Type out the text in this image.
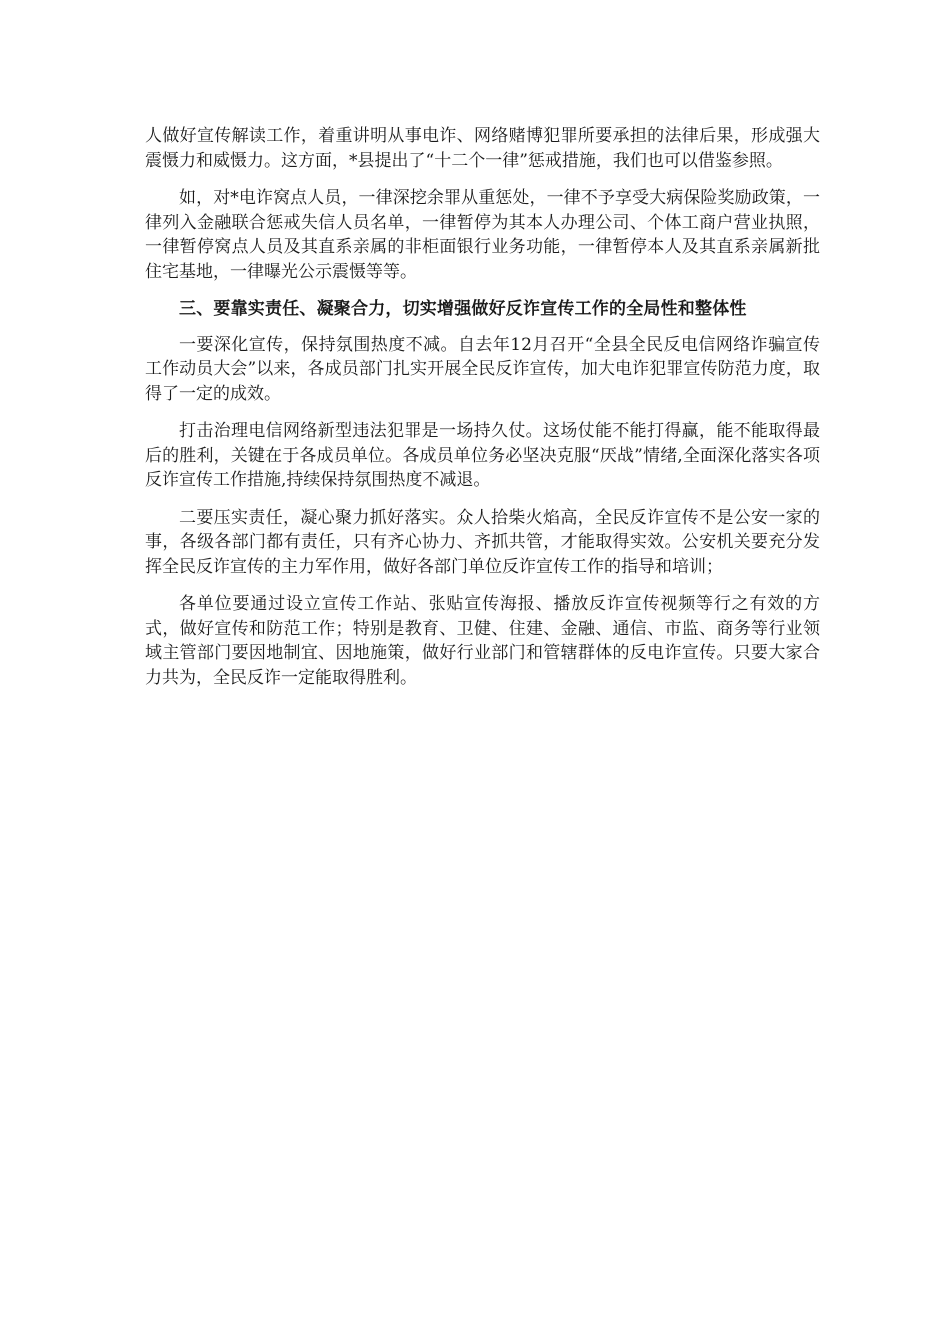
人做好宣传解读工作，着重讲明从事电诈、网络赌博犯罪所要承担的法律后果，形成强大震慑力和威慑力。这方面，*县提出了“十二个一律”惩戒措施，我们也可以借鉴参照。

如，对*电诈窝点人员，一律深挖余罪从重惩处，一律不予享受大病保险奖励政策，一律列入金融联合惩戒失信人员名单，一律暂停为其本人办理公司、个体工商户营业执照，一律暂停窝点人员及其直系亲属的非柜面银行业务功能，一律暂停本人及其直系亲属新批住宅基地，一律曝光公示震慑等等。

三、要靠实责任、凝聚合力，切实增强做好反诈宣传工作的全局性和整体性

一要深化宣传，保持氛围热度不减。自去年12月召开“全县全民反电信网络诈骗宣传工作动员大会”以来，各成员部门扎实开展全民反诈宣传，加大电诈犯罪宣传防范力度，取得了一定的成效。

打击治理电信网络新型违法犯罪是一场持久仗。这场仗能不能打得赢，能不能取得最后的胜利，关键在于各成员单位。各成员单位务必坚决克服“厌战”情绪,全面深化落实各项反诈宣传工作措施,持续保持氛围热度不减退。

二要压实责任，凝心聚力抓好落实。众人拾柴火焰高，全民反诈宣传不是公安一家的事，各级各部门都有责任，只有齐心协力、齐抓共管，才能取得实效。公安机关要充分发挥全民反诈宣传的主力军作用，做好各部门单位反诈宣传工作的指导和培训；

各单位要通过设立宣传工作站、张贴宣传海报、播放反诈宣传视频等行之有效的方式，做好宣传和防范工作；特别是教育、卫健、住建、金融、通信、市监、商务等行业领域主管部门要因地制宜、因地施策，做好行业部门和管辖群体的反电诈宣传。只要大家合力共为，全民反诈一定能取得胜利。
